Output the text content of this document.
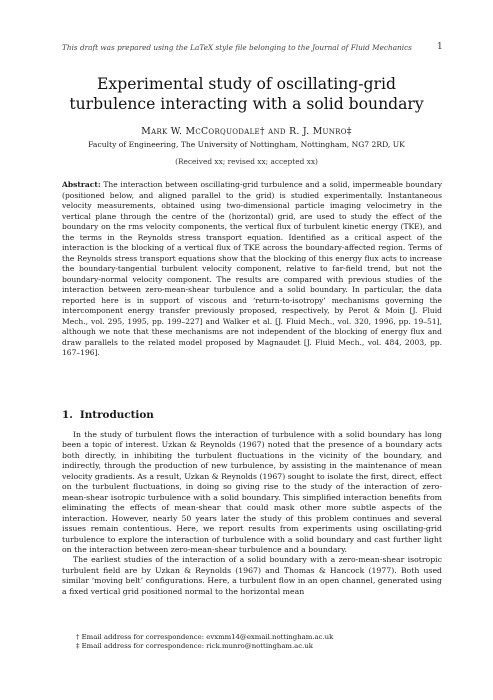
This draft was prepared using the LaTeX style file belonging to the Journal of Fluid Mechanics	1
Experimental study of oscillating-grid
turbulence interacting with a solid boundary
Mark W. McCorquodale† and R. J. Munro‡
Faculty of Engineering, The University of Nottingham, Nottingham, NG7 2RD, UK
(Received xx; revised xx; accepted xx)
Abstract: The interaction between oscillating-grid turbulence and a solid, impermeable boundary (positioned below, and aligned parallel to the grid) is studied experimentally. Instantaneous velocity measurements, obtained using two-dimensional particle imaging velocimetry in the vertical plane through the centre of the (horizontal) grid, are used to study the effect of the boundary on the rms velocity components, the vertical flux of turbulent kinetic energy (TKE), and the terms in the Reynolds stress transport equation. Identified as a critical aspect of the interaction is the blocking of a vertical flux of TKE across the boundary-affected region. Terms of the Reynolds stress transport equations show that the blocking of this energy flux acts to increase the boundary-tangential turbulent velocity component, relative to far-field trend, but not the boundary-normal velocity component. The results are compared with previous studies of the interaction between zero-mean-shear turbulence and a solid boundary. In particular, the data reported here is in support of viscous and ‘return-to-isotropy’ mechanisms governing the intercomponent energy transfer previously proposed, respectively, by Perot & Moin [J. Fluid Mech., vol. 295, 1995, pp. 199–227] and Walker et al. [J. Fluid Mech., vol. 320, 1996, pp. 19–51], although we note that these mechanisms are not independent of the blocking of energy flux and draw parallels to the related model proposed by Magnaudet [J. Fluid Mech., vol. 484, 2003, pp. 167–196].
1. Introduction

In the study of turbulent flows the interaction of turbulence with a solid boundary has long been a topic of interest. Uzkan & Reynolds (1967) noted that the presence of a boundary acts both directly, in inhibiting the turbulent fluctuations in the vicinity of the boundary, and indirectly, through the production of new turbulence, by assisting in the maintenance of mean velocity gradients. As a result, Uzkan & Reynolds (1967) sought to isolate the first, direct, effect on the turbulent fluctuations, in doing so giving rise to the study of the interaction of zero-mean-shear isotropic turbulence with a solid boundary. This simplified interaction benefits from eliminating the effects of mean-shear that could mask other more subtle aspects of the interaction. However, nearly 50 years later the study of this problem continues and several issues remain contentious. Here, we report results from experiments using oscillating-grid turbulence to explore the interaction of turbulence with a solid boundary and cast further light on the interaction between zero-mean-shear turbulence and a boundary.

The earliest studies of the interaction of a solid boundary with a zero-mean-shear isotropic turbulent field are by Uzkan & Reynolds (1967) and Thomas & Hancock (1977). Both used similar ‘moving belt’ configurations. Here, a turbulent flow in an open channel, generated using a fixed vertical grid positioned normal to the horizontal mean

† Email address for correspondence: evxmm14@exmail.nottingham.ac.uk
‡ Email address for correspondence: rick.munro@nottingham.ac.uk
